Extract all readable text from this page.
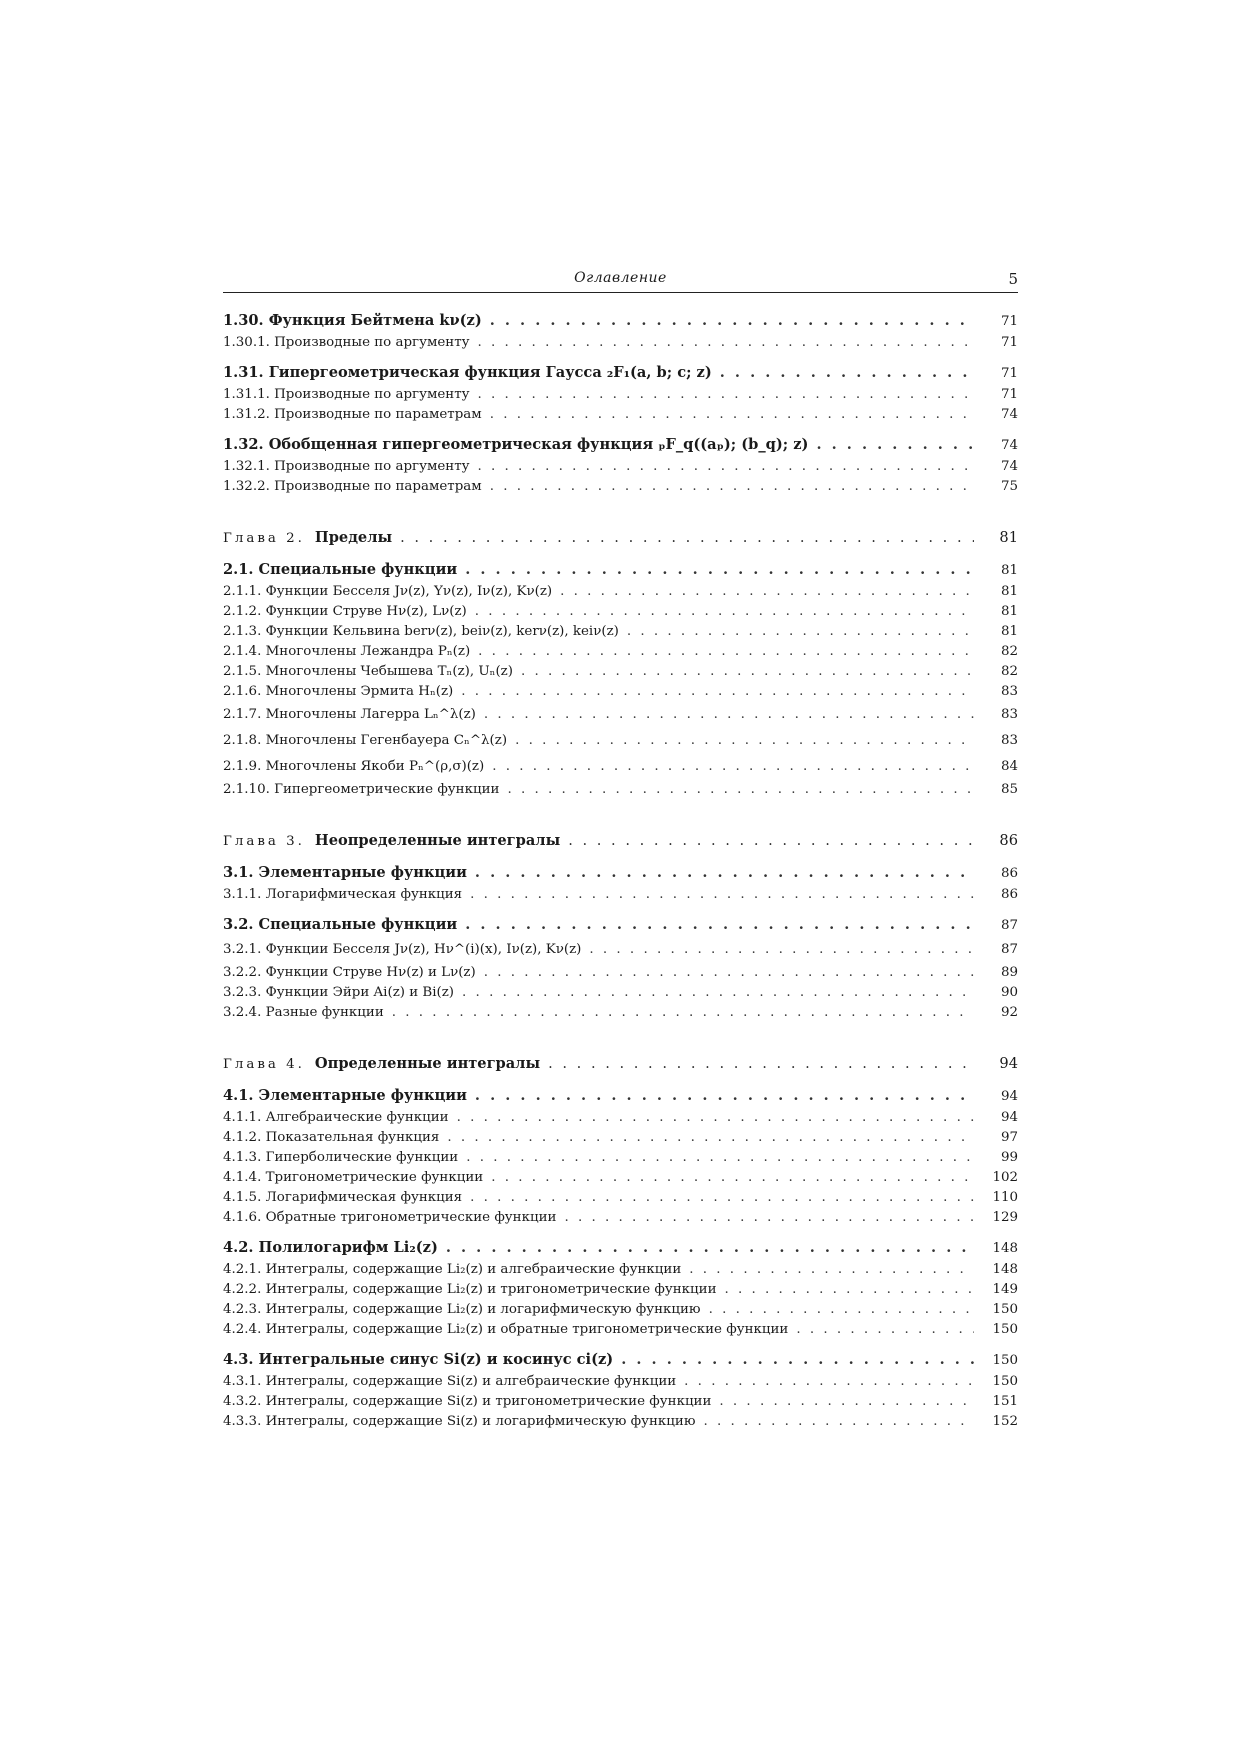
Оглавление	5
1.30. Функция Бейтмена kν(z) . . .	71
1.30.1. Производные по аргументу . . .	71
1.31. Гипергеометрическая функция Гаусса ₂F₁(a, b; c; z) . . .	71
1.31.1. Производные по аргументу . . .	71
1.31.2. Производные по параметрам . . .	74
1.32. Обобщенная гипергеометрическая функция ₚF_q((aₚ); (b_q); z) . . .	74
1.32.1. Производные по аргументу . . .	74
1.32.2. Производные по параметрам . . .	75
Глава 2. Пределы . . .	81
2.1. Специальные функции . . .	81
2.1.1. Функции Бесселя Jν(z), Yν(z), Iν(z), Kν(z) . . .	81
2.1.2. Функции Струве Hν(z), Lν(z) . . .	81
2.1.3. Функции Кельвина berν(z), beiν(z), kerν(z), keiν(z) . . .	81
2.1.4. Многочлены Лежандра Pₙ(z) . . .	82
2.1.5. Многочлены Чебышева Tₙ(z), Uₙ(z) . . .	82
2.1.6. Многочлены Эрмита Hₙ(z) . . .	83
2.1.7. Многочлены Лагерра Lₙ^λ(z) . . .	83
2.1.8. Многочлены Гегенбауера Cₙ^λ(z) . . .	83
2.1.9. Многочлены Якоби Pₙ^(ρ,σ)(z) . . .	84
2.1.10. Гипергеометрические функции . . .	85
Глава 3. Неопределенные интегралы . . .	86
3.1. Элементарные функции . . .	86
3.1.1. Логарифмическая функция . . .	86
3.2. Специальные функции . . .	87
3.2.1. Функции Бесселя Jν(z), Hν^(i)(x), Iν(z), Kν(z) . . .	87
3.2.2. Функции Струве Hν(z) и Lν(z) . . .	89
3.2.3. Функции Эйри Ai(z) и Bi(z) . . .	90
3.2.4. Разные функции . . .	92
Глава 4. Определенные интегралы . . .	94
4.1. Элементарные функции . . .	94
4.1.1. Алгебраические функции . . .	94
4.1.2. Показательная функция . . .	97
4.1.3. Гиперболические функции . . .	99
4.1.4. Тригонометрические функции . . .	102
4.1.5. Логарифмическая функция . . .	110
4.1.6. Обратные тригонометрические функции . . .	129
4.2. Полилогарифм Li₂(z) . . .	148
4.2.1. Интегралы, содержащие Li₂(z) и алгебраические функции . . .	148
4.2.2. Интегралы, содержащие Li₂(z) и тригонометрические функции . . .	149
4.2.3. Интегралы, содержащие Li₂(z) и логарифмическую функцию . . .	150
4.2.4. Интегралы, содержащие Li₂(z) и обратные тригонометрические функции . . .	150
4.3. Интегральные синус Si(z) и косинус ci(z) . . .	150
4.3.1. Интегралы, содержащие Si(z) и алгебраические функции . . .	150
4.3.2. Интегралы, содержащие Si(z) и тригонометрические функции . . .	151
4.3.3. Интегралы, содержащие Si(z) и логарифмическую функцию . . .	152
